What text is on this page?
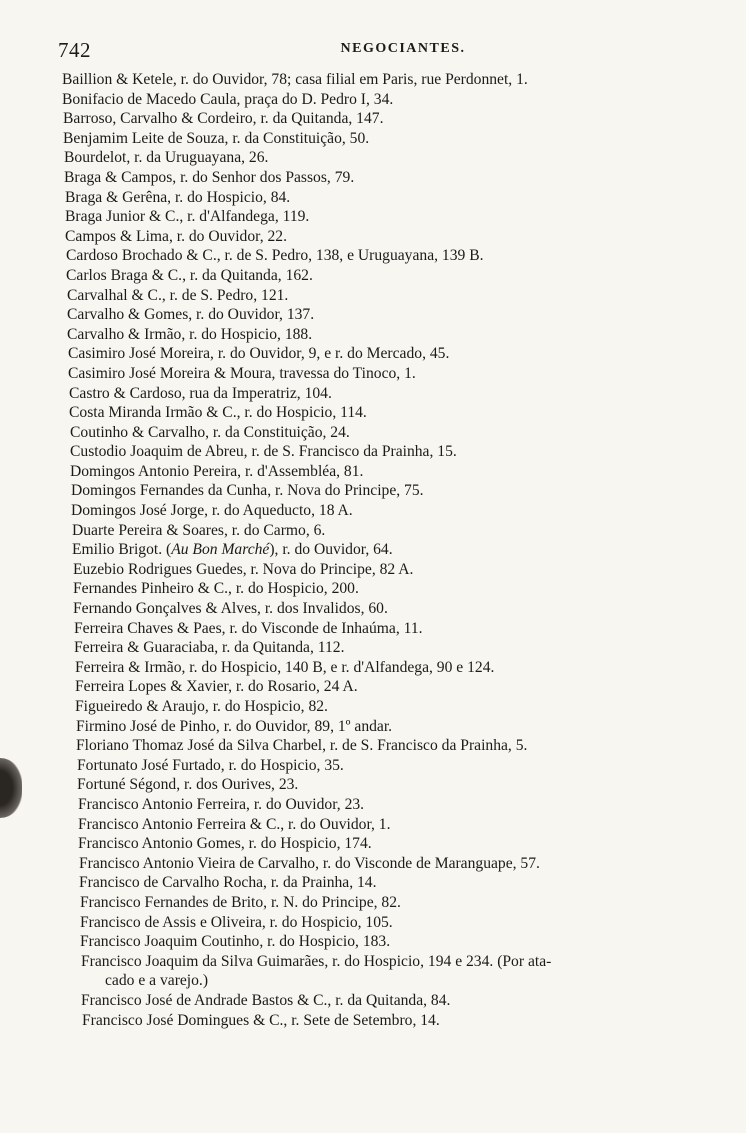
742	NEGOCIANTES.
Baillion & Ketele, r. do Ouvidor, 78; casa filial em Paris, rue Perdonnet, 1.
Bonifacio de Macedo Caula, praça do D. Pedro I, 34.
Barroso, Carvalho & Cordeiro, r. da Quitanda, 147.
Benjamim Leite de Souza, r. da Constituição, 50.
Bourdelot, r. da Uruguayana, 26.
Braga & Campos, r. do Senhor dos Passos, 79.
Braga & Gerêna, r. do Hospicio, 84.
Braga Junior & C., r. d'Alfandega, 119.
Campos & Lima, r. do Ouvidor, 22.
Cardoso Brochado & C., r. de S. Pedro, 138, e Uruguayana, 139 B.
Carlos Braga & C., r. da Quitanda, 162.
Carvalhal & C., r. de S. Pedro, 121.
Carvalho & Gomes, r. do Ouvidor, 137.
Carvalho & Irmão, r. do Hospicio, 188.
Casimiro José Moreira, r. do Ouvidor, 9, e r. do Mercado, 45.
Casimiro José Moreira & Moura, travessa do Tinoco, 1.
Castro & Cardoso, rua da Imperatriz, 104.
Costa Miranda Irmão & C., r. do Hospicio, 114.
Coutinho & Carvalho, r. da Constituição, 24.
Custodio Joaquim de Abreu, r. de S. Francisco da Prainha, 15.
Domingos Antonio Pereira, r. d'Assembléa, 81.
Domingos Fernandes da Cunha, r. Nova do Principe, 75.
Domingos José Jorge, r. do Aqueducto, 18 A.
Duarte Pereira & Soares, r. do Carmo, 6.
Emilio Brigot. (Au Bon Marché), r. do Ouvidor, 64.
Euzebio Rodrigues Guedes, r. Nova do Principe, 82 A.
Fernandes Pinheiro & C., r. do Hospicio, 200.
Fernando Gonçalves & Alves, r. dos Invalidos, 60.
Ferreira Chaves & Paes, r. do Visconde de Inhaúma, 11.
Ferreira & Guaraciaba, r. da Quitanda, 112.
Ferreira & Irmão, r. do Hospicio, 140 B, e r. d'Alfandega, 90 e 124.
Ferreira Lopes & Xavier, r. do Rosario, 24 A.
Figueiredo & Araujo, r. do Hospicio, 82.
Firmino José de Pinho, r. do Ouvidor, 89, 1º andar.
Floriano Thomaz José da Silva Charbel, r. de S. Francisco da Prainha, 5.
Fortunato José Furtado, r. do Hospicio, 35.
Fortuné Ségond, r. dos Ourives, 23.
Francisco Antonio Ferreira, r. do Ouvidor, 23.
Francisco Antonio Ferreira & C., r. do Ouvidor, 1.
Francisco Antonio Gomes, r. do Hospicio, 174.
Francisco Antonio Vieira de Carvalho, r. do Visconde de Maranguape, 57.
Francisco de Carvalho Rocha, r. da Prainha, 14.
Francisco Fernandes de Brito, r. N. do Principe, 82.
Francisco de Assis e Oliveira, r. do Hospicio, 105.
Francisco Joaquim Coutinho, r. do Hospicio, 183.
Francisco Joaquim da Silva Guimarães, r. do Hospicio, 194 e 234. (Por ata-
cado e a varejo.)
Francisco José de Andrade Bastos & C., r. da Quitanda, 84.
Francisco José Domingues & C., r. Sete de Setembro, 14.
